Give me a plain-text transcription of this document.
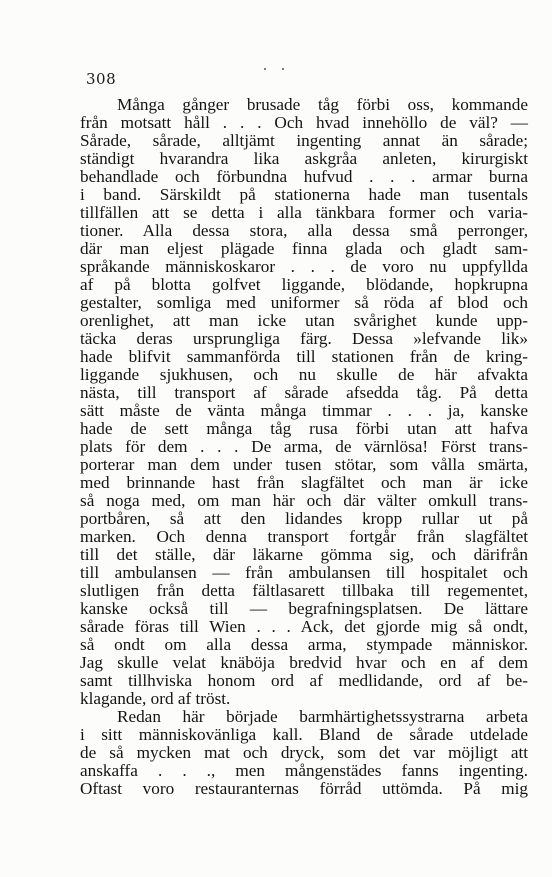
308
Många gånger brusade tåg förbi oss, kommande
från motsatt håll . . . Och hvad innehöllo de väl? —
Sårade, sårade, alltjämt ingenting annat än sårade;
ständigt hvarandra lika askgråa anleten, kirurgiskt
behandlade och förbundna hufvud . . . armar burna
i band. Särskildt på stationerna hade man tusentals
tillfällen att se detta i alla tänkbara former och varia-
tioner. Alla dessa stora, alla dessa små perronger,
där man eljest plägade finna glada och gladt sam-
språkande människoskaror . . . de voro nu uppfyllda
af på blotta golfvet liggande, blödande, hopkrupna
gestalter, somliga med uniformer så röda af blod och
orenlighet, att man icke utan svårighet kunde upp-
täcka deras ursprungliga färg. Dessa »lefvande lik»
hade blifvit sammanförda till stationen från de kring-
liggande sjukhusen, och nu skulle de här afvakta
nästa, till transport af sårade afsedda tåg. På detta
sätt måste de vänta många timmar . . . ja, kanske
hade de sett många tåg rusa förbi utan att hafva
plats för dem . . . De arma, de värnlösa! Först trans-
porterar man dem under tusen stötar, som vålla smärta,
med brinnande hast från slagfältet och man är icke
så noga med, om man här och där välter omkull trans-
portbåren, så att den lidandes kropp rullar ut på
marken. Och denna transport fortgår från slagfältet
till det ställe, där läkarne gömma sig, och därifrån
till ambulansen — från ambulansen till hospitalet och
slutligen från detta fältlasarett tillbaka till regementet,
kanske också till — begrafningsplatsen. De lättare
sårade föras till Wien . . . Ack, det gjorde mig så ondt,
så ondt om alla dessa arma, stympade människor.
Jag skulle velat knäböja bredvid hvar och en af dem
samt tillhviska honom ord af medlidande, ord af be-
klagande, ord af tröst.
Redan här började barmhärtighetssystrarna arbeta
i sitt människovänliga kall. Bland de sårade utdelade
de så mycken mat och dryck, som det var möjligt att
anskaffa . . ., men mångenstädes fanns ingenting.
Oftast voro restauranternas förråd uttömda. På mig
